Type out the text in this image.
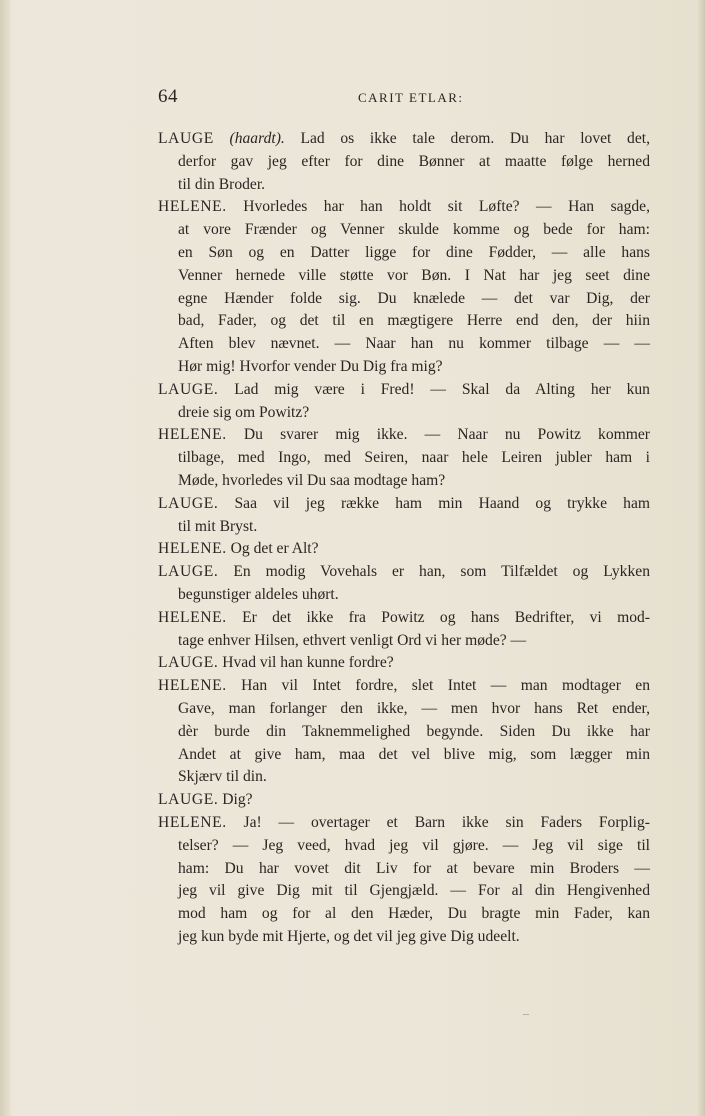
64	CARIT ETLAR:
LAUGE (haardt). Lad os ikke tale derom. Du har lovet det,
derfor gav jeg efter for dine Bønner at maatte følge herned
til din Broder.
HELENE. Hvorledes har han holdt sit Løfte? — Han sagde,
at vore Frænder og Venner skulde komme og bede for ham:
en Søn og en Datter ligge for dine Fødder, — alle hans
Venner hernede ville støtte vor Bøn. I Nat har jeg seet dine
egne Hænder folde sig. Du knælede — det var Dig, der
bad, Fader, og det til en mægtigere Herre end den, der hiin
Aften blev nævnet. — Naar han nu kommer tilbage — —
Hør mig! Hvorfor vender Du Dig fra mig?
LAUGE. Lad mig være i Fred! — Skal da Alting her kun
dreie sig om Powitz?
HELENE. Du svarer mig ikke. — Naar nu Powitz kommer
tilbage, med Ingo, med Seiren, naar hele Leiren jubler ham i
Møde, hvorledes vil Du saa modtage ham?
LAUGE. Saa vil jeg række ham min Haand og trykke ham
til mit Bryst.
HELENE. Og det er Alt?
LAUGE. En modig Vovehals er han, som Tilfældet og Lykken
begunstiger aldeles uhørt.
HELENE. Er det ikke fra Powitz og hans Bedrifter, vi mod-
tage enhver Hilsen, ethvert venligt Ord vi her møde? —
LAUGE. Hvad vil han kunne fordre?
HELENE. Han vil Intet fordre, slet Intet — man modtager en
Gave, man forlanger den ikke, — men hvor hans Ret ender,
dèr burde din Taknemmelighed begynde. Siden Du ikke har
Andet at give ham, maa det vel blive mig, som lægger min
Skjærv til din.
LAUGE. Dig?
HELENE. Ja! — overtager et Barn ikke sin Faders Forplig-
telser? — Jeg veed, hvad jeg vil gjøre. — Jeg vil sige til
ham: Du har vovet dit Liv for at bevare min Broders —
jeg vil give Dig mit til Gjengjæld. — For al din Hengivenhed
mod ham og for al den Hæder, Du bragte min Fader, kan
jeg kun byde mit Hjerte, og det vil jeg give Dig udeelt.
